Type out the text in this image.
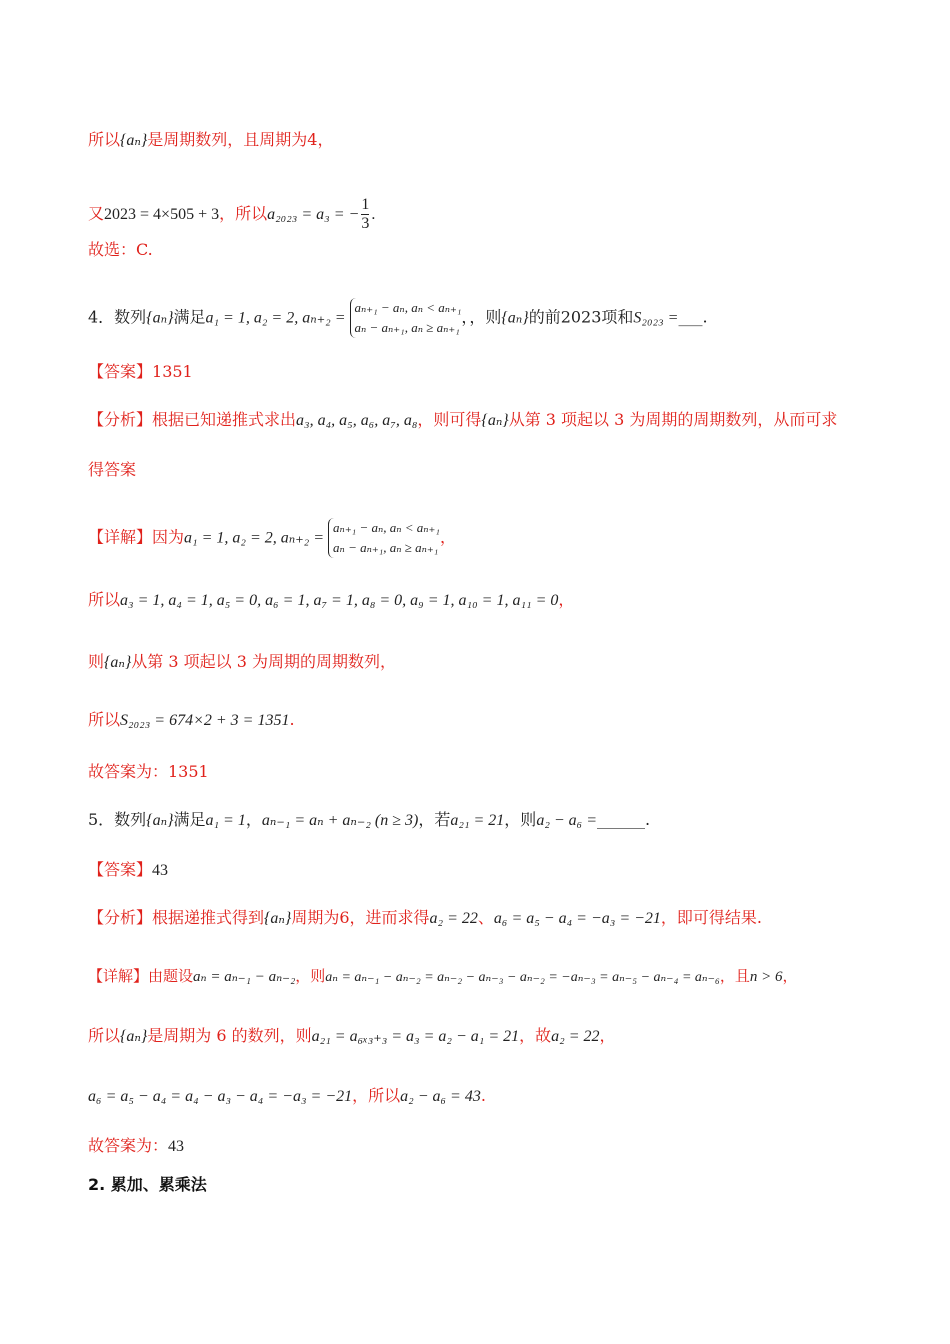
所以{aₙ}是周期数列，且周期为4，
又2023 = 4×505 + 3，所以a₂₀₂₃ = a₃ = − $\frac{1}{3}$ .
故选：C.
4．数列{aₙ}满足a₁ = 1, a₂ = 2, aₙ₊₂ =
aₙ₊₁ − aₙ, aₙ < aₙ₊₁
aₙ − aₙ₊₁, aₙ ≥ aₙ₊₁
，，则{aₙ}的前2023项和S₂₀₂₃ =___.
【答案】1351
【分析】根据已知递推式求出a₃, a₄, a₅, a₆, a₇, a₈，则可得{aₙ}从第 3 项起以 3 为周期的周期数列，从而可求
得答案
【详解】因为a₁ = 1, a₂ = 2, aₙ₊₂ =
aₙ₊₁ − aₙ, aₙ < aₙ₊₁
aₙ − aₙ₊₁, aₙ ≥ aₙ₊₁
，
所以a₃ = 1, a₄ = 1, a₅ = 0, a₆ = 1, a₇ = 1, a₈ = 0, a₉ = 1, a₁₀ = 1, a₁₁ = 0，
则{aₙ}从第 3 项起以 3 为周期的周期数列，
所以S₂₀₂₃ = 674×2 + 3 = 1351.
故答案为：1351
5．数列{aₙ}满足a₁ = 1，aₙ₋₁ = aₙ + aₙ₋₂ (n ≥ 3)，若a₂₁ = 21，则a₂ − a₆ =______.
【答案】43
【分析】根据递推式得到{aₙ}周期为6，进而求得a₂ = 22、a₆ = a₅ − a₄ = −a₃ = −21，即可得结果.
【详解】由题设aₙ = aₙ₋₁ − aₙ₋₂，则aₙ = aₙ₋₁ − aₙ₋₂ = aₙ₋₂ − aₙ₋₃ − aₙ₋₂ = −aₙ₋₃ = aₙ₋₅ − aₙ₋₄ = aₙ₋₆，且n > 6，
所以{aₙ}是周期为 6 的数列，则a₂₁ = a₆ₓ₃₊₃ = a₃ = a₂ − a₁ = 21，故a₂ = 22，
a₆ = a₅ − a₄ = a₄ − a₃ − a₄ = −a₃ = −21，所以a₂ − a₆ = 43.
故答案为：43
2. 累加、累乘法
